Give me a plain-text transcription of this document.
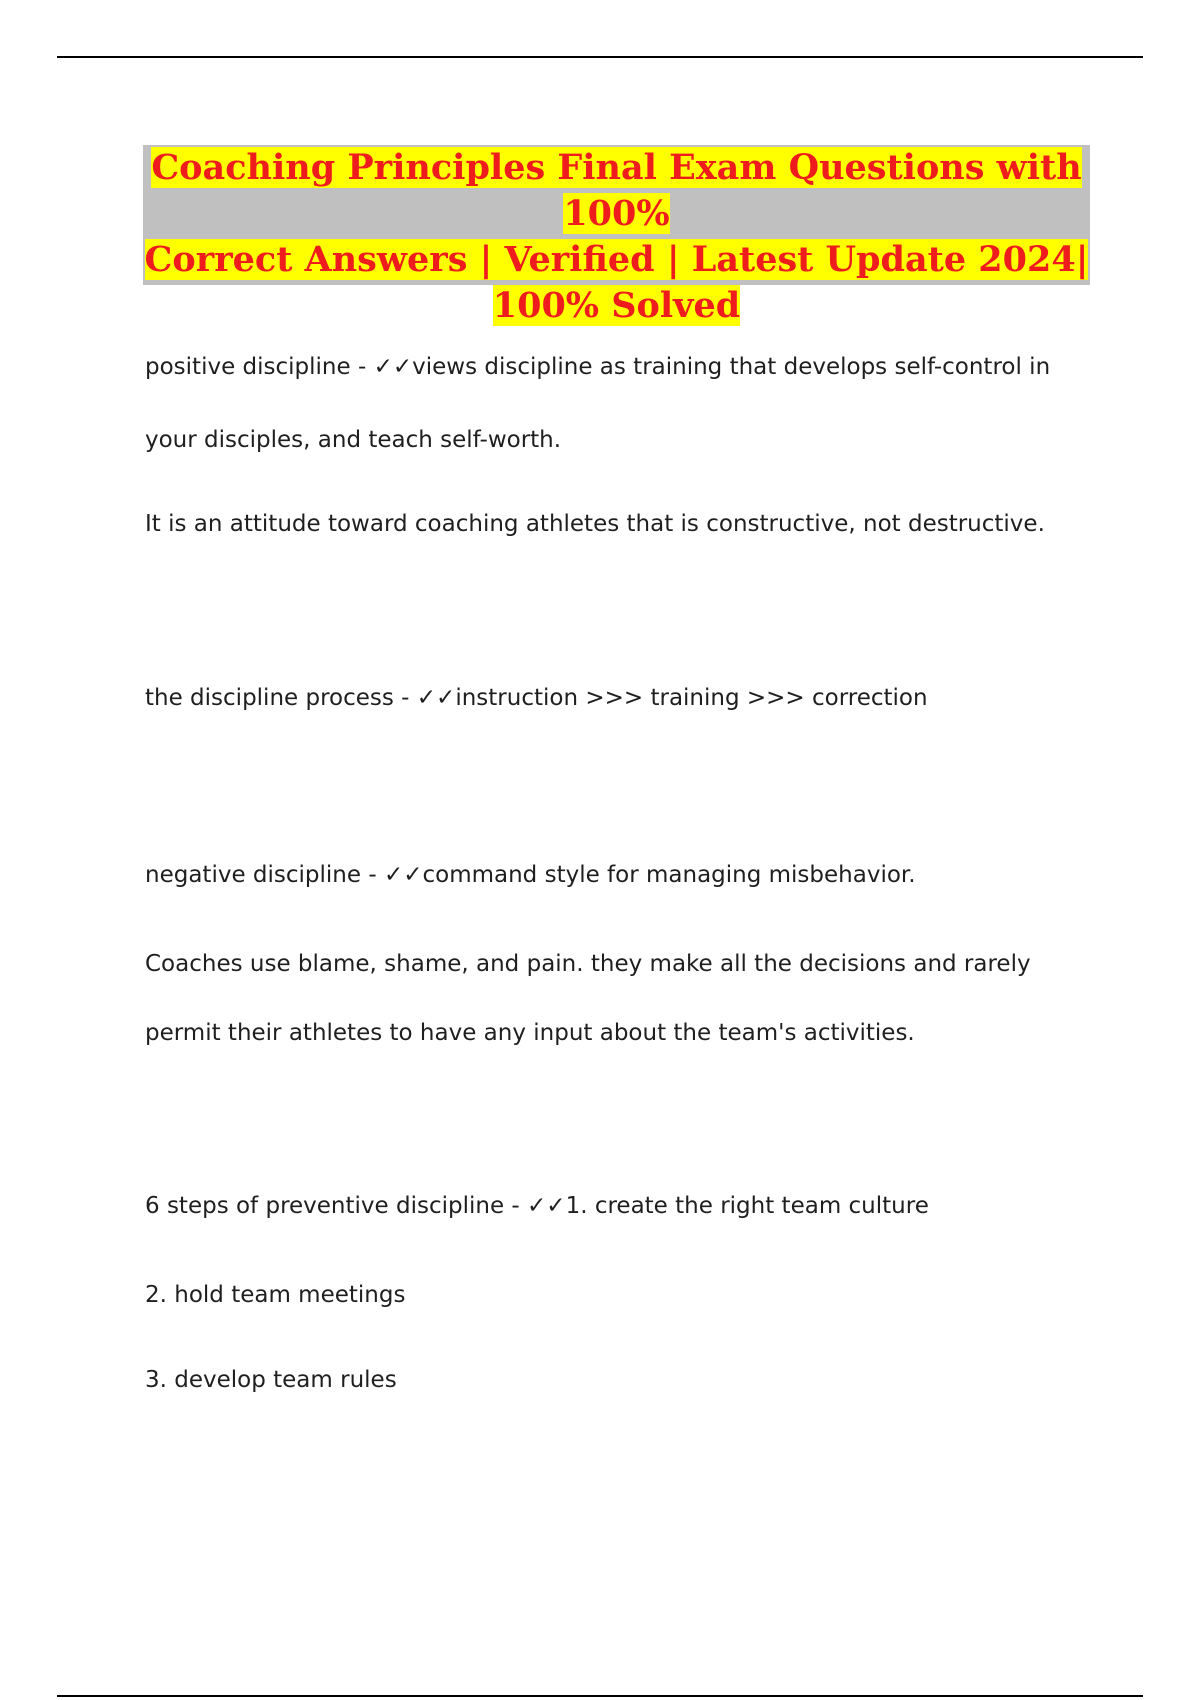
Coaching Principles Final Exam Questions with 100%
Correct Answers | Verified | Latest Update 2024|
100% Solved
positive discipline - ✓✓views discipline as training that develops self-control in
your disciples, and teach self-worth.
It is an attitude toward coaching athletes that is constructive, not destructive.
the discipline process - ✓✓instruction >>> training >>> correction
negative discipline - ✓✓command style for managing misbehavior.
Coaches use blame, shame, and pain. they make all the decisions and rarely
permit their athletes to have any input about the team's activities.
6 steps of preventive discipline - ✓✓1. create the right team culture
2. hold team meetings
3. develop team rules
